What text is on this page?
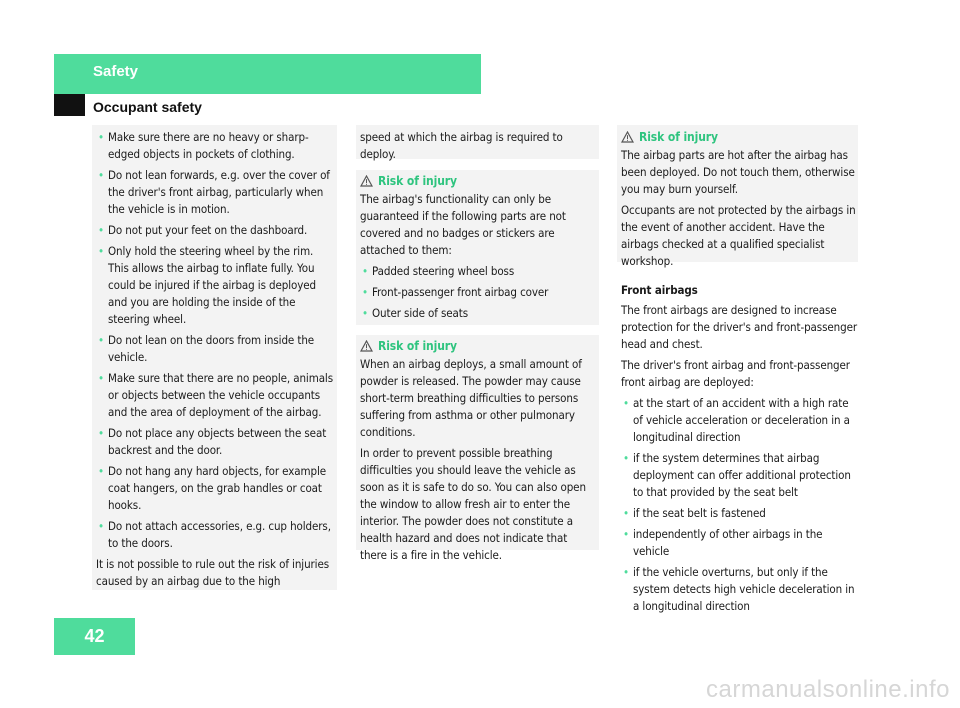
Safety
Occupant safety
• Make sure there are no heavy or sharp-edged objects in pockets of clothing.
• Do not lean forwards, e.g. over the cover of the driver's front airbag, particularly when the vehicle is in motion.
• Do not put your feet on the dashboard.
• Only hold the steering wheel by the rim. This allows the airbag to inflate fully. You could be injured if the airbag is deployed and you are holding the inside of the steering wheel.
• Do not lean on the doors from inside the vehicle.
• Make sure that there are no people, animals or objects between the vehicle occupants and the area of deployment of the airbag.
• Do not place any objects between the seat backrest and the door.
• Do not hang any hard objects, for example coat hangers, on the grab handles or coat hooks.
• Do not attach accessories, e.g. cup holders, to the doors.
It is not possible to rule out the risk of injuries caused by an airbag due to the high
speed at which the airbag is required to deploy.
Risk of injury
The airbag's functionality can only be guaranteed if the following parts are not covered and no badges or stickers are attached to them:
• Padded steering wheel boss
• Front-passenger front airbag cover
• Outer side of seats
Risk of injury
When an airbag deploys, a small amount of powder is released. The powder may cause short-term breathing difficulties to persons suffering from asthma or other pulmonary conditions.
In order to prevent possible breathing difficulties you should leave the vehicle as soon as it is safe to do so. You can also open the window to allow fresh air to enter the interior. The powder does not constitute a health hazard and does not indicate that there is a fire in the vehicle.
Risk of injury
The airbag parts are hot after the airbag has been deployed. Do not touch them, otherwise you may burn yourself.
Occupants are not protected by the airbags in the event of another accident. Have the airbags checked at a qualified specialist workshop.
Front airbags
The front airbags are designed to increase protection for the driver's and front-passenger head and chest.
The driver's front airbag and front-passenger front airbag are deployed:
• at the start of an accident with a high rate of vehicle acceleration or deceleration in a longitudinal direction
• if the system determines that airbag deployment can offer additional protection to that provided by the seat belt
• if the seat belt is fastened
• independently of other airbags in the vehicle
• if the vehicle overturns, but only if the system detects high vehicle deceleration in a longitudinal direction
42
carmanualsonline.info
